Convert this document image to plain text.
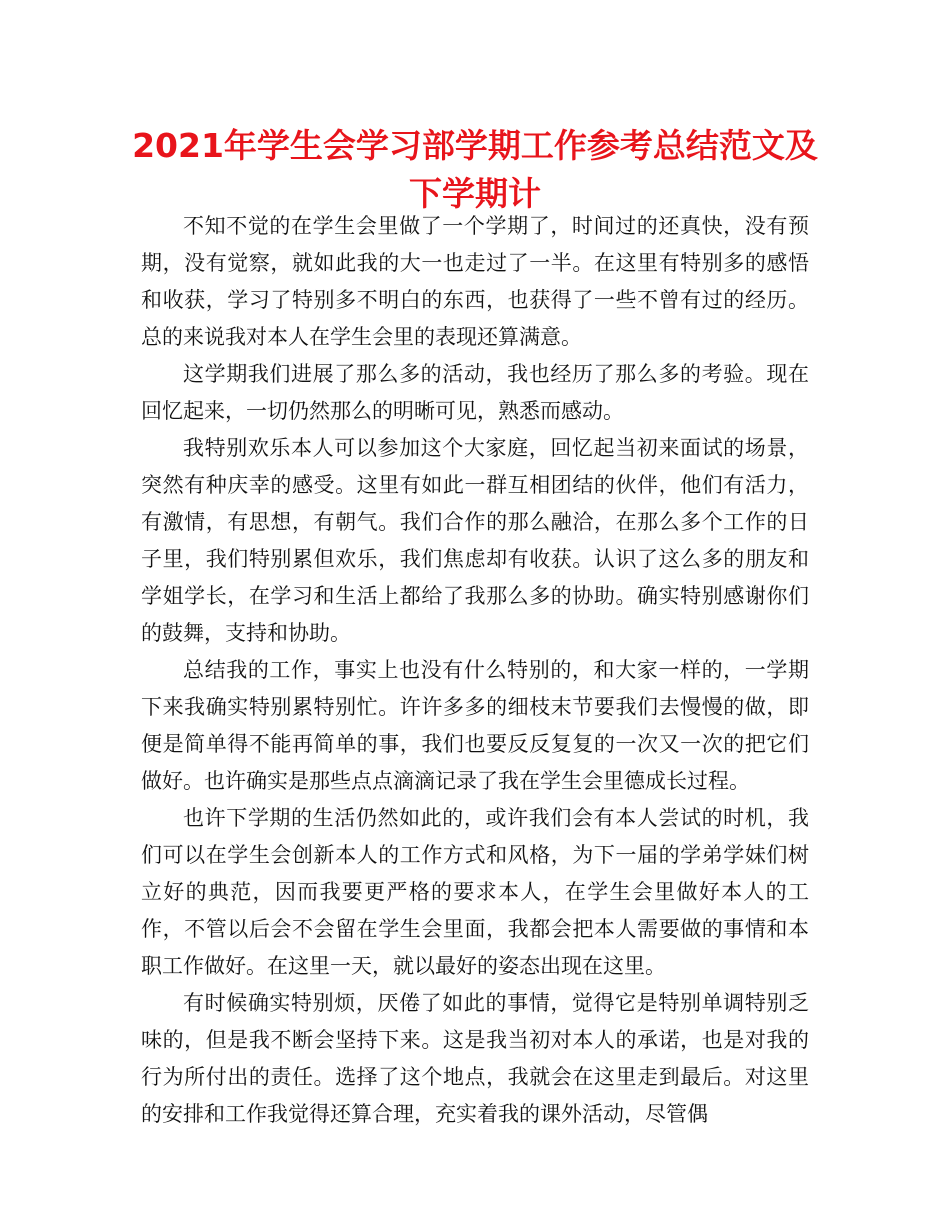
2021年学生会学习部学期工作参考总结范文及下学期计

不知不觉的在学生会里做了一个学期了，时间过的还真快，没有预期，没有觉察，就如此我的大一也走过了一半。在这里有特别多的感悟和收获，学习了特别多不明白的东西，也获得了一些不曾有过的经历。总的来说我对本人在学生会里的表现还算满意。

这学期我们进展了那么多的活动，我也经历了那么多的考验。现在回忆起来，一切仍然那么的明晰可见，熟悉而感动。

我特别欢乐本人可以参加这个大家庭，回忆起当初来面试的场景，突然有种庆幸的感受。这里有如此一群互相团结的伙伴，他们有活力，有激情，有思想，有朝气。我们合作的那么融洽，在那么多个工作的日子里，我们特别累但欢乐，我们焦虑却有收获。认识了这么多的朋友和学姐学长，在学习和生活上都给了我那么多的协助。确实特别感谢你们的鼓舞，支持和协助。

总结我的工作，事实上也没有什么特别的，和大家一样的，一学期下来我确实特别累特别忙。许许多多的细枝末节要我们去慢慢的做，即便是简单得不能再简单的事，我们也要反反复复的一次又一次的把它们做好。也许确实是那些点点滴滴记录了我在学生会里德成长过程。

也许下学期的生活仍然如此的，或许我们会有本人尝试的时机，我们可以在学生会创新本人的工作方式和风格，为下一届的学弟学妹们树立好的典范，因而我要更严格的要求本人，在学生会里做好本人的工作，不管以后会不会留在学生会里面，我都会把本人需要做的事情和本职工作做好。在这里一天，就以最好的姿态出现在这里。

有时候确实特别烦，厌倦了如此的事情，觉得它是特别单调特别乏味的，但是我不断会坚持下来。这是我当初对本人的承诺，也是对我的行为所付出的责任。选择了这个地点，我就会在这里走到最后。对这里的安排和工作我觉得还算合理，充实着我的课外活动，尽管偶
